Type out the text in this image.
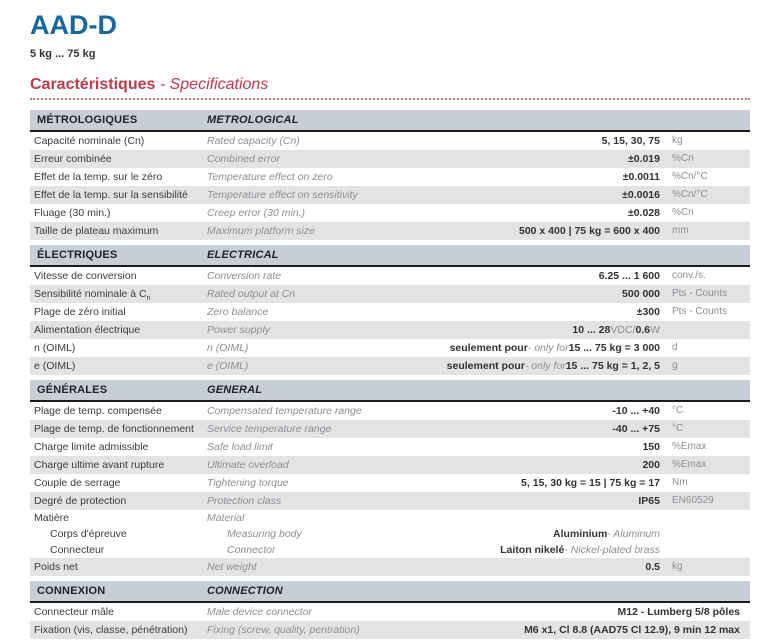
AAD-D
5 kg ... 75 kg
Caractéristiques - Specifications
MÉTROLOGIQUES	METROLOGICAL
Capacité nominale (Cn)	Rated capacity (Cn)	5, 15, 30, 75	kg
Erreur combinée	Combined error	±0.019	%Cn
Effet de la temp. sur le zéro	Temperature effect on zero	±0.0011	%Cn/°C
Effet de la temp. sur la sensibilité	Temperature effect on sensitivity	±0.0016	%Cn/°C
Fluage (30 min.)	Creep error (30 min.)	±0.028	%Cn
Taille de plateau maximum	Maximum platform size	500 x 400 | 75 kg = 600 x 400	mm
ÉLECTRIQUES	ELECTRICAL
Vitesse de conversion	Conversion rate	6.25 ... 1 600	conv./s.
Sensibilité nominale à $C_n$	Rated output at Cn	500 000	Pts - Counts
Plage de zéro initial	Zero balance	±300	Pts - Counts
Alimentation électrique	Power supply	10 ... 28 VDC/ 0.6 W
n (OIML)	n (OIML)	seulement pour - only for 15 ... 75 kg = 3 000	d
e (OIML)	e (OIML)	seulement pour - only for 15 ... 75 kg = 1, 2, 5	g
GÉNÉRALES	GENERAL
Plage de temp. compensée	Compensated temperature range	-10 ... +40	°C
Plage de temp. de fonctionnement	Service temperature range	-40 ... +75	°C
Charge limite admissible	Safe load limit	150	%Emax
Charge ultime avant rupture	Ultimate overload	200	%Emax
Couple de serrage	Tightening torque	5, 15, 30 kg = 15 | 75 kg = 17	Nm
Degré de protection	Protection class	IP65	EN60529
Matière	Material
Corps d'épreuve	Measuring body	Aluminium - Aluminum
Connecteur	Connector	Laiton nikelé - Nickel-plated brass
Poids net	Net weight	0.5	kg
CONNEXION	CONNECTION
Connecteur mâle	Male device connector	M12 - Lumberg 5/8 pôles
Fixation (vis, classe, pénétration)	Fixing (screw, quality, pentration)	M6 x1, Cl 8.8 (AAD75 Cl 12.9), 9 min 12 max
